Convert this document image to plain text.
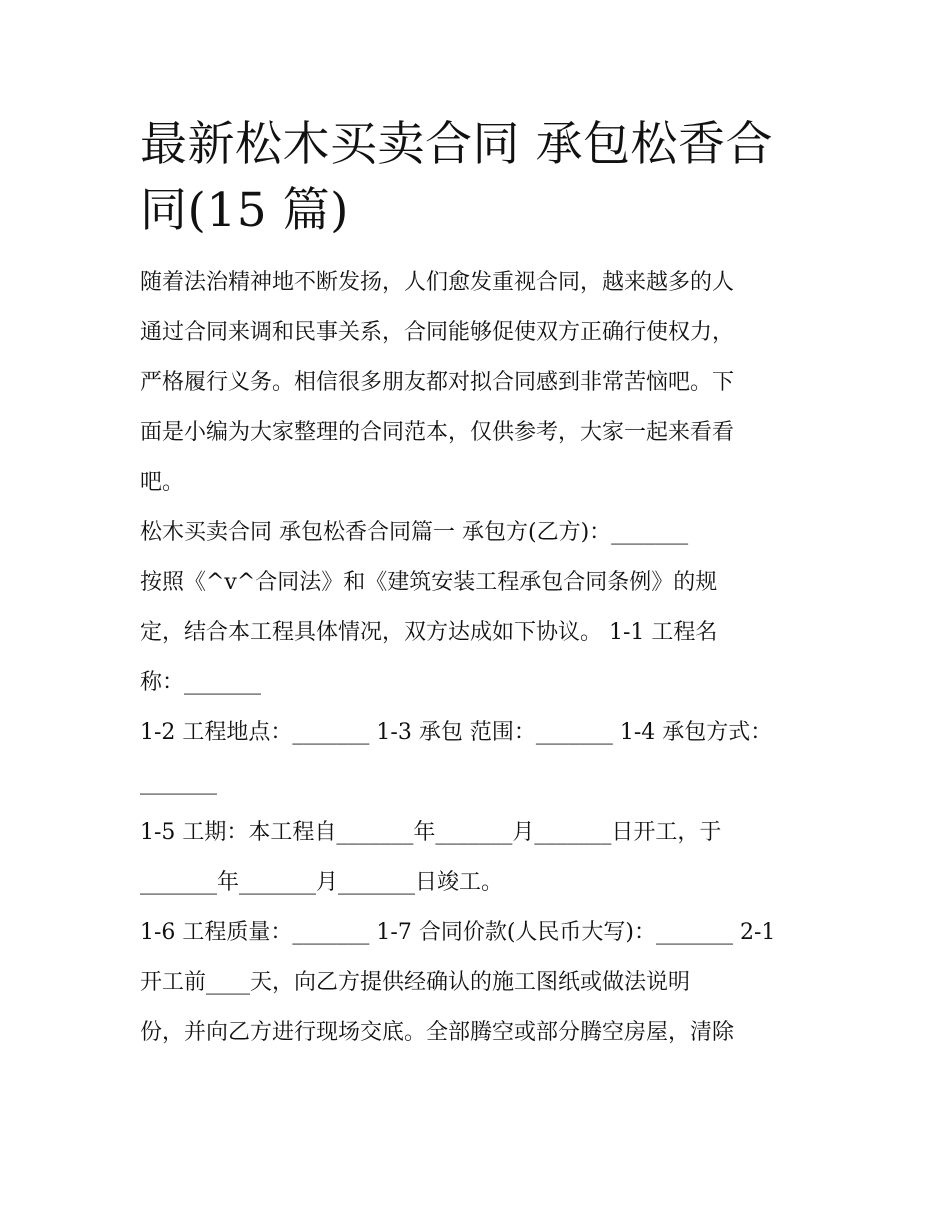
最新松木买卖合同 承包松香合
同(15 篇)

随着法治精神地不断发扬，人们愈发重视合同，越来越多的人
通过合同来调和民事关系，合同能够促使双方正确行使权力，
严格履行义务。相信很多朋友都对拟合同感到非常苦恼吧。下
面是小编为大家整理的合同范本，仅供参考，大家一起来看看
吧。

松木买卖合同 承包松香合同篇一 承包方(乙方)：_______
按照《^v^合同法》和《建筑安装工程承包合同条例》的规
定，结合本工程具体情况，双方达成如下协议。 1-1 工程名
称：_______
1-2 工程地点：_______ 1-3 承包 范围：_______ 1-4 承包方式：
_______
1-5 工期：本工程自_______年_______月_______日开工，于
_______年_______月_______日竣工。
1-6 工程质量：_______ 1-7 合同价款(人民币大写)：_______ 2-1
开工前____天，向乙方提供经确认的施工图纸或做法说明
份，并向乙方进行现场交底。全部腾空或部分腾空房屋，清除
